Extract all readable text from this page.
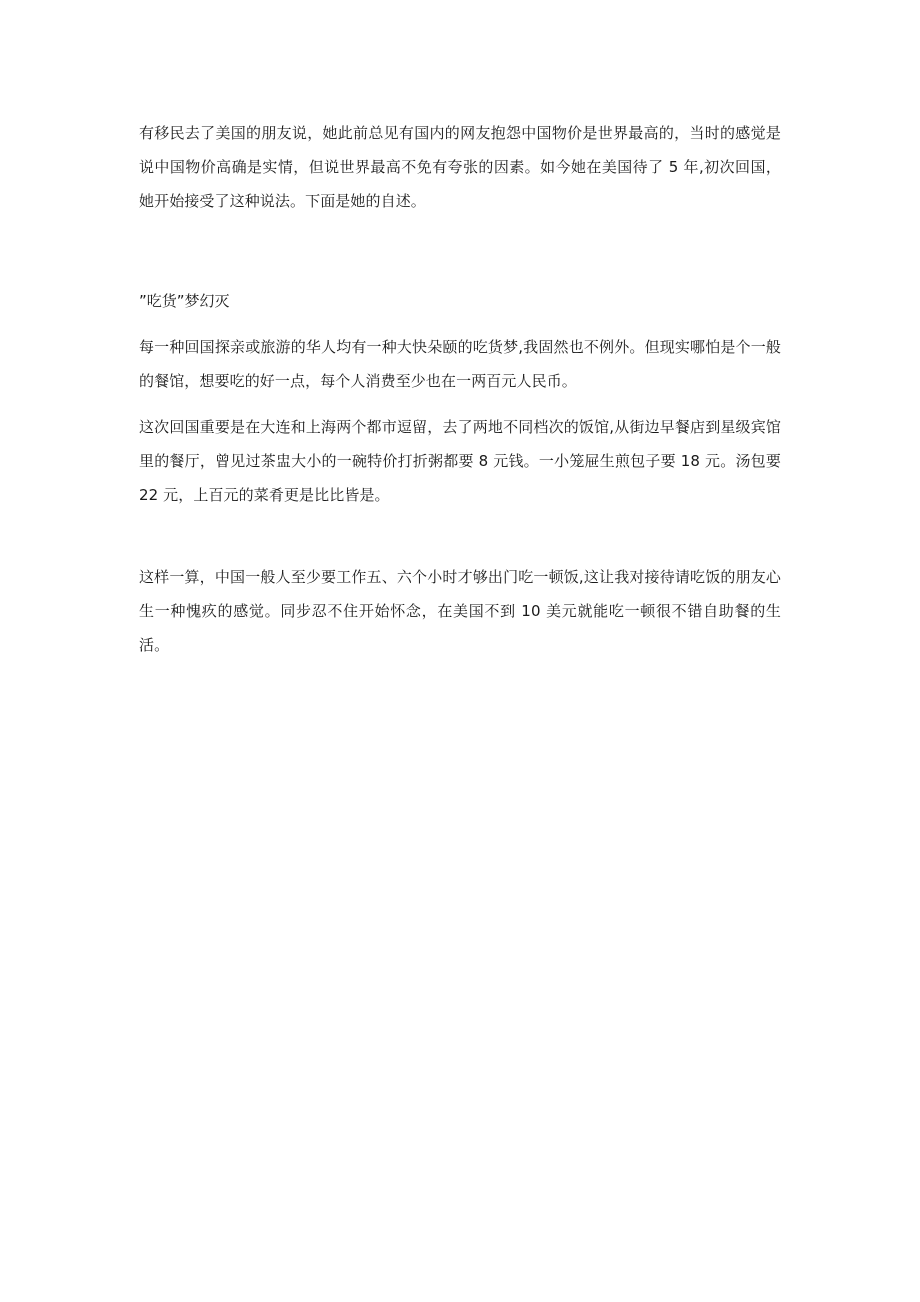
有移民去了美国的朋友说，她此前总见有国内的网友抱怨中国物价是世界最高的，当时的感觉是说中国物价高确是实情，但说世界最高不免有夸张的因素。如今她在美国待了 5 年,初次回国，她开始接受了这种说法。下面是她的自述。

”吃货”梦幻灭

每一种回国探亲或旅游的华人均有一种大快朵颐的吃货梦,我固然也不例外。但现实哪怕是个一般的餐馆，想要吃的好一点，每个人消费至少也在一两百元人民币。

这次回国重要是在大连和上海两个都市逗留，去了两地不同档次的饭馆,从街边早餐店到星级宾馆里的餐厅，曾见过茶盅大小的一碗特价打折粥都要 8 元钱。一小笼屉生煎包子要 18 元。汤包要 22 元，上百元的菜肴更是比比皆是。

这样一算，中国一般人至少要工作五、六个小时才够出门吃一顿饭,这让我对接待请吃饭的朋友心生一种愧疚的感觉。同步忍不住开始怀念，在美国不到 10 美元就能吃一顿很不错自助餐的生活。
